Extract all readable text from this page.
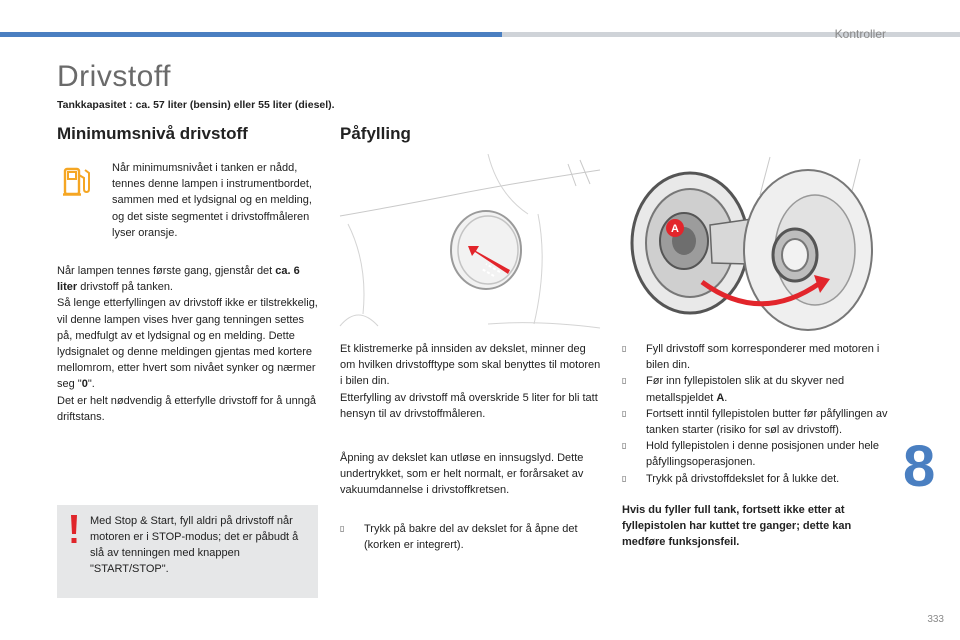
Kontroller
Drivstoff
Tankkapasitet : ca. 57 liter (bensin) eller 55 liter (diesel).
Minimumsnivå drivstoff
Når minimumsnivået i tanken er nådd, tennes denne lampen i instrumentbordet, sammen med et lydsignal og en melding, og det siste segmentet i drivstoffmåleren lyser oransje.

Når lampen tennes første gang, gjenstår det ca. 6 liter drivstoff på tanken.

Så lenge etterfyllingen av drivstoff ikke er tilstrekkelig, vil denne lampen vises hver gang tenningen settes på, medfulgt av et lydsignal og en melding. Dette lydsignalet og denne meldingen gjentas med kortere mellomrom, etter hvert som nivået synker og nærmer seg "0".

Det er helt nødvendig å etterfylle drivstoff for å unngå driftstans.

Med Stop & Start, fyll aldri på drivstoff når motoren er i STOP-modus; det er påbudt å slå av tenningen med knappen "START/STOP".
Påfylling
A

Et klistremerke på innsiden av dekslet, minner deg om hvilken drivstofftype som skal benyttes til motoren i bilen din.

Etterfylling av drivstoff må overskride 5 liter for bli tatt hensyn til av drivstoffmåleren.

Åpning av dekslet kan utløse en innsugslyd. Dette undertrykket, som er helt normalt, er forårsaket av vakuumdannelse i drivstoffkretsen.
▯	Trykk på bakre del av dekslet for å åpne det (korken er integrert).
▯	Fyll drivstoff som korresponderer med motoren i bilen din.
▯	Før inn fyllepistolen slik at du skyver ned metallspjeldet A.
▯	Fortsett inntil fyllepistolen butter før påfyllingen av tanken starter (risiko for søl av drivstoff).
▯	Hold fyllepistolen i denne posisjonen under hele påfyllingsoperasjonen.
▯	Trykk på drivstoffdekslet for å lukke det.
Hvis du fyller full tank, fortsett ikke etter at fyllepistolen har kuttet tre ganger; dette kan medføre funksjonsfeil.
8
333
